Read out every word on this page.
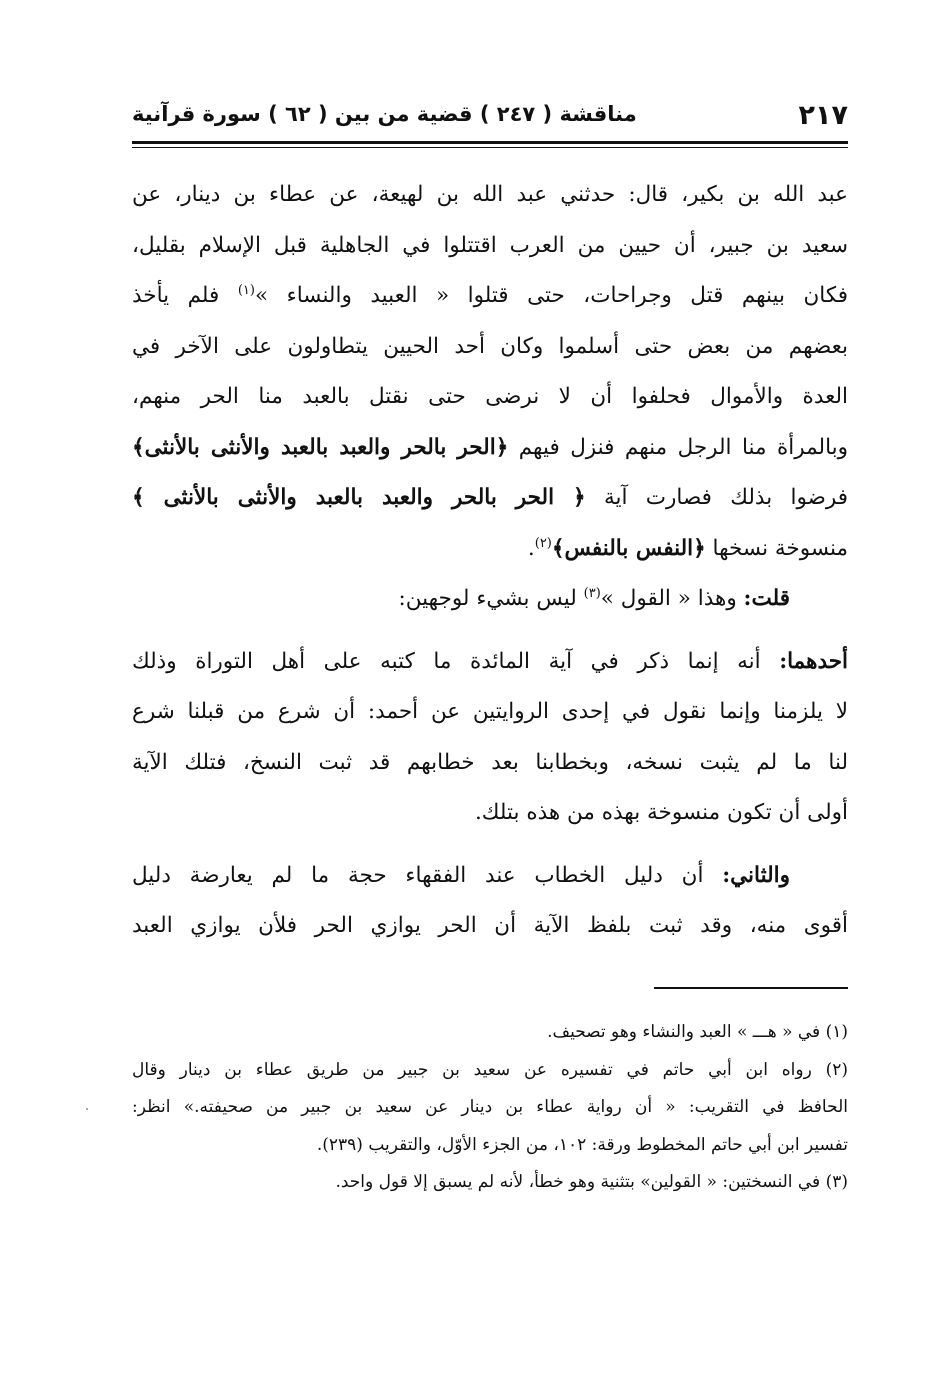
٢١٧
مناقشة ( ٢٤٧ ) قضية من بين ( ٦٢ ) سورة قرآنية
عبد الله بن بكير، قال: حدثني عبد الله بن لهيعة، عن عطاء بن دينار، عن
سعيد بن جبير، أن حيين من العرب اقتتلوا في الجاهلية قبل الإسلام بقليل،
فكان بينهم قتل وجراحات، حتى قتلوا « العبيد والنساء »$^{(١)}$ فلم يأخذ
بعضهم من بعض حتى أسلموا وكان أحد الحيين يتطاولون على الآخر في
العدة والأموال فحلفوا أن لا نرضى حتى نقتل بالعبد منا الحر منهم،
وبالمرأة منا الرجل منهم فنزل فيهم ﴿الحر بالحر والعبد بالعبد والأنثى بالأنثى﴾
فرضوا بذلك فصارت آية ﴿ الحر بالحر والعبد بالعبد والأنثى بالأنثى ﴾
منسوخة نسخها ﴿النفس بالنفس﴾$^{(٢)}$.
قلت: وهذا « القول »$^{(٣)}$ ليس بشيء لوجهين:
أحدهما: أنه إنما ذكر في آية المائدة ما كتبه على أهل التوراة وذلك
لا يلزمنا وإنما نقول في إحدى الروايتين عن أحمد: أن شرع من قبلنا شرع
لنا ما لم يثبت نسخه، وبخطابنا بعد خطابهم قد ثبت النسخ، فتلك الآية
أولى أن تكون منسوخة بهذه من هذه بتلك.
والثاني: أن دليل الخطاب عند الفقهاء حجة ما لم يعارضة دليل
أقوى منه، وقد ثبت بلفظ الآية أن الحر يوازي الحر فلأن يوازي العبد
(١) في « هـــ » العبد والنشاء وهو تصحيف.
(٢) رواه ابن أبي حاتم في تفسيره عن سعيد بن جبير من طريق عطاء بن دينار وقال
الحافظ في التقريب: « أن رواية عطاء بن دينار عن سعيد بن جبير من صحيفته.» انظر:
تفسير ابن أبي حاتم المخطوط ورقة: ١٠٢، من الجزء الأوّل، والتقريب (٢٣٩).
(٣) في النسختين: « القولين» بتثنية وهو خطأ، لأنه لم يسبق إلا قول واحد.
